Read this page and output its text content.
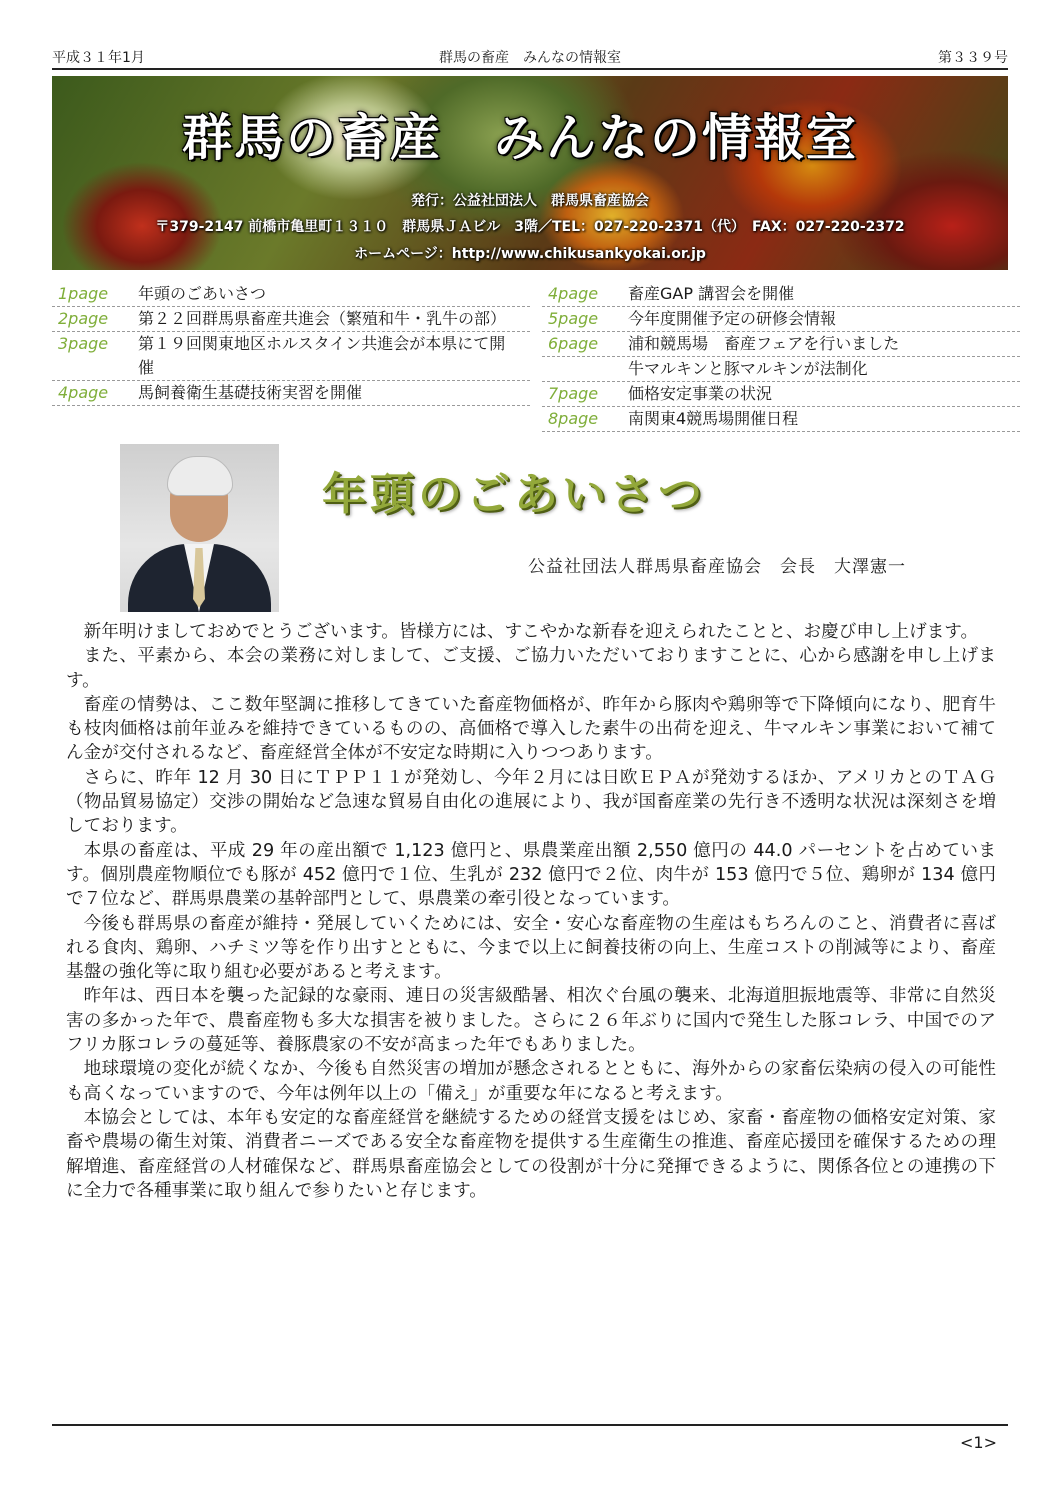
平成３１年1月	群馬の畜産　みんなの情報室	第３３９号
群馬の畜産　みんなの情報室
発行：公益社団法人　群馬県畜産協会
〒379-2147 前橋市亀里町１３１０　群馬県ＪＡビル　3階／TEL：027-220-2371（代）　FAX：027-220-2372
ホームページ：http://www.chikusankyokai.or.jp
1page	年頭のごあいさつ
2page	第２２回群馬県畜産共進会（繁殖和牛・乳牛の部）
3page	第１９回関東地区ホルスタイン共進会が本県にて開催
4page	馬飼養衛生基礎技術実習を開催
4page	畜産GAP 講習会を開催
5page	今年度開催予定の研修会情報
6page	浦和競馬場　畜産フェアを行いました
牛マルキンと豚マルキンが法制化
7page	価格安定事業の状況
8page	南関東4競馬場開催日程
年頭のごあいさつ
公益社団法人群馬県畜産協会　会長　大澤憲一

新年明けましておめでとうございます。皆様方には、すこやかな新春を迎えられたことと、お慶び申し上げます。

また、平素から、本会の業務に対しまして、ご支援、ご協力いただいておりますことに、心から感謝を申し上げます。

畜産の情勢は、ここ数年堅調に推移してきていた畜産物価格が、昨年から豚肉や鶏卵等で下降傾向になり、肥育牛も枝肉価格は前年並みを維持できているものの、高価格で導入した素牛の出荷を迎え、牛マルキン事業において補てん金が交付されるなど、畜産経営全体が不安定な時期に入りつつあります。

さらに、昨年 12 月 30 日にＴＰＰ１１が発効し、今年２月には日欧ＥＰＡが発効するほか、アメリカとのＴＡＧ（物品貿易協定）交渉の開始など急速な貿易自由化の進展により、我が国畜産業の先行き不透明な状況は深刻さを増しております。

本県の畜産は、平成 29 年の産出額で 1,123 億円と、県農業産出額 2,550 億円の 44.0 パーセントを占めています。個別農産物順位でも豚が 452 億円で１位、生乳が 232 億円で２位、肉牛が 153 億円で５位、鶏卵が 134 億円で７位など、群馬県農業の基幹部門として、県農業の牽引役となっています。

今後も群馬県の畜産が維持・発展していくためには、安全・安心な畜産物の生産はもちろんのこと、消費者に喜ばれる食肉、鶏卵、ハチミツ等を作り出すとともに、今まで以上に飼養技術の向上、生産コストの削減等により、畜産基盤の強化等に取り組む必要があると考えます。

昨年は、西日本を襲った記録的な豪雨、連日の災害級酷暑、相次ぐ台風の襲来、北海道胆振地震等、非常に自然災害の多かった年で、農畜産物も多大な損害を被りました。さらに２６年ぶりに国内で発生した豚コレラ、中国でのアフリカ豚コレラの蔓延等、養豚農家の不安が高まった年でもありました。

地球環境の変化が続くなか、今後も自然災害の増加が懸念されるとともに、海外からの家畜伝染病の侵入の可能性も高くなっていますので、今年は例年以上の「備え」が重要な年になると考えます。

本協会としては、本年も安定的な畜産経営を継続するための経営支援をはじめ、家畜・畜産物の価格安定対策、家畜や農場の衛生対策、消費者ニーズである安全な畜産物を提供する生産衛生の推進、畜産応援団を確保するための理解増進、畜産経営の人材確保など、群馬県畜産協会としての役割が十分に発揮できるように、関係各位との連携の下に全力で各種事業に取り組んで参りたいと存じます。

<1>
